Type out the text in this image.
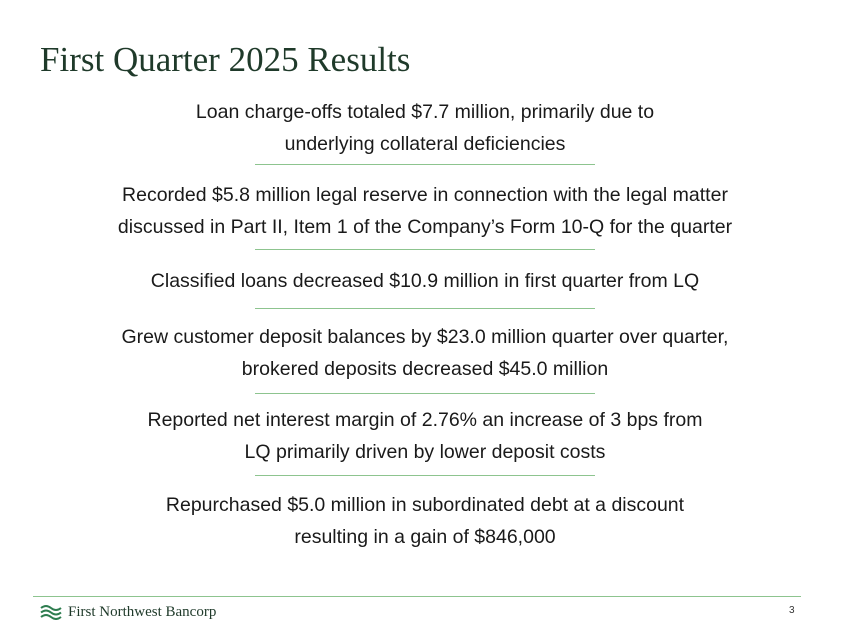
First Quarter 2025 Results
Loan charge-offs totaled $7.7 million, primarily due to
underlying collateral deficiencies
Recorded $5.8 million legal reserve in connection with the legal matter
discussed in Part II, Item 1 of the Company’s Form 10-Q for the quarter
Classified loans decreased $10.9 million in first quarter from LQ
Grew customer deposit balances by $23.0 million quarter over quarter,
brokered deposits decreased $45.0 million
Reported net interest margin of 2.76% an increase of 3 bps from
LQ primarily driven by lower deposit costs
Repurchased $5.0 million in subordinated debt at a discount
resulting in a gain of $846,000
First Northwest Bancorp	3
